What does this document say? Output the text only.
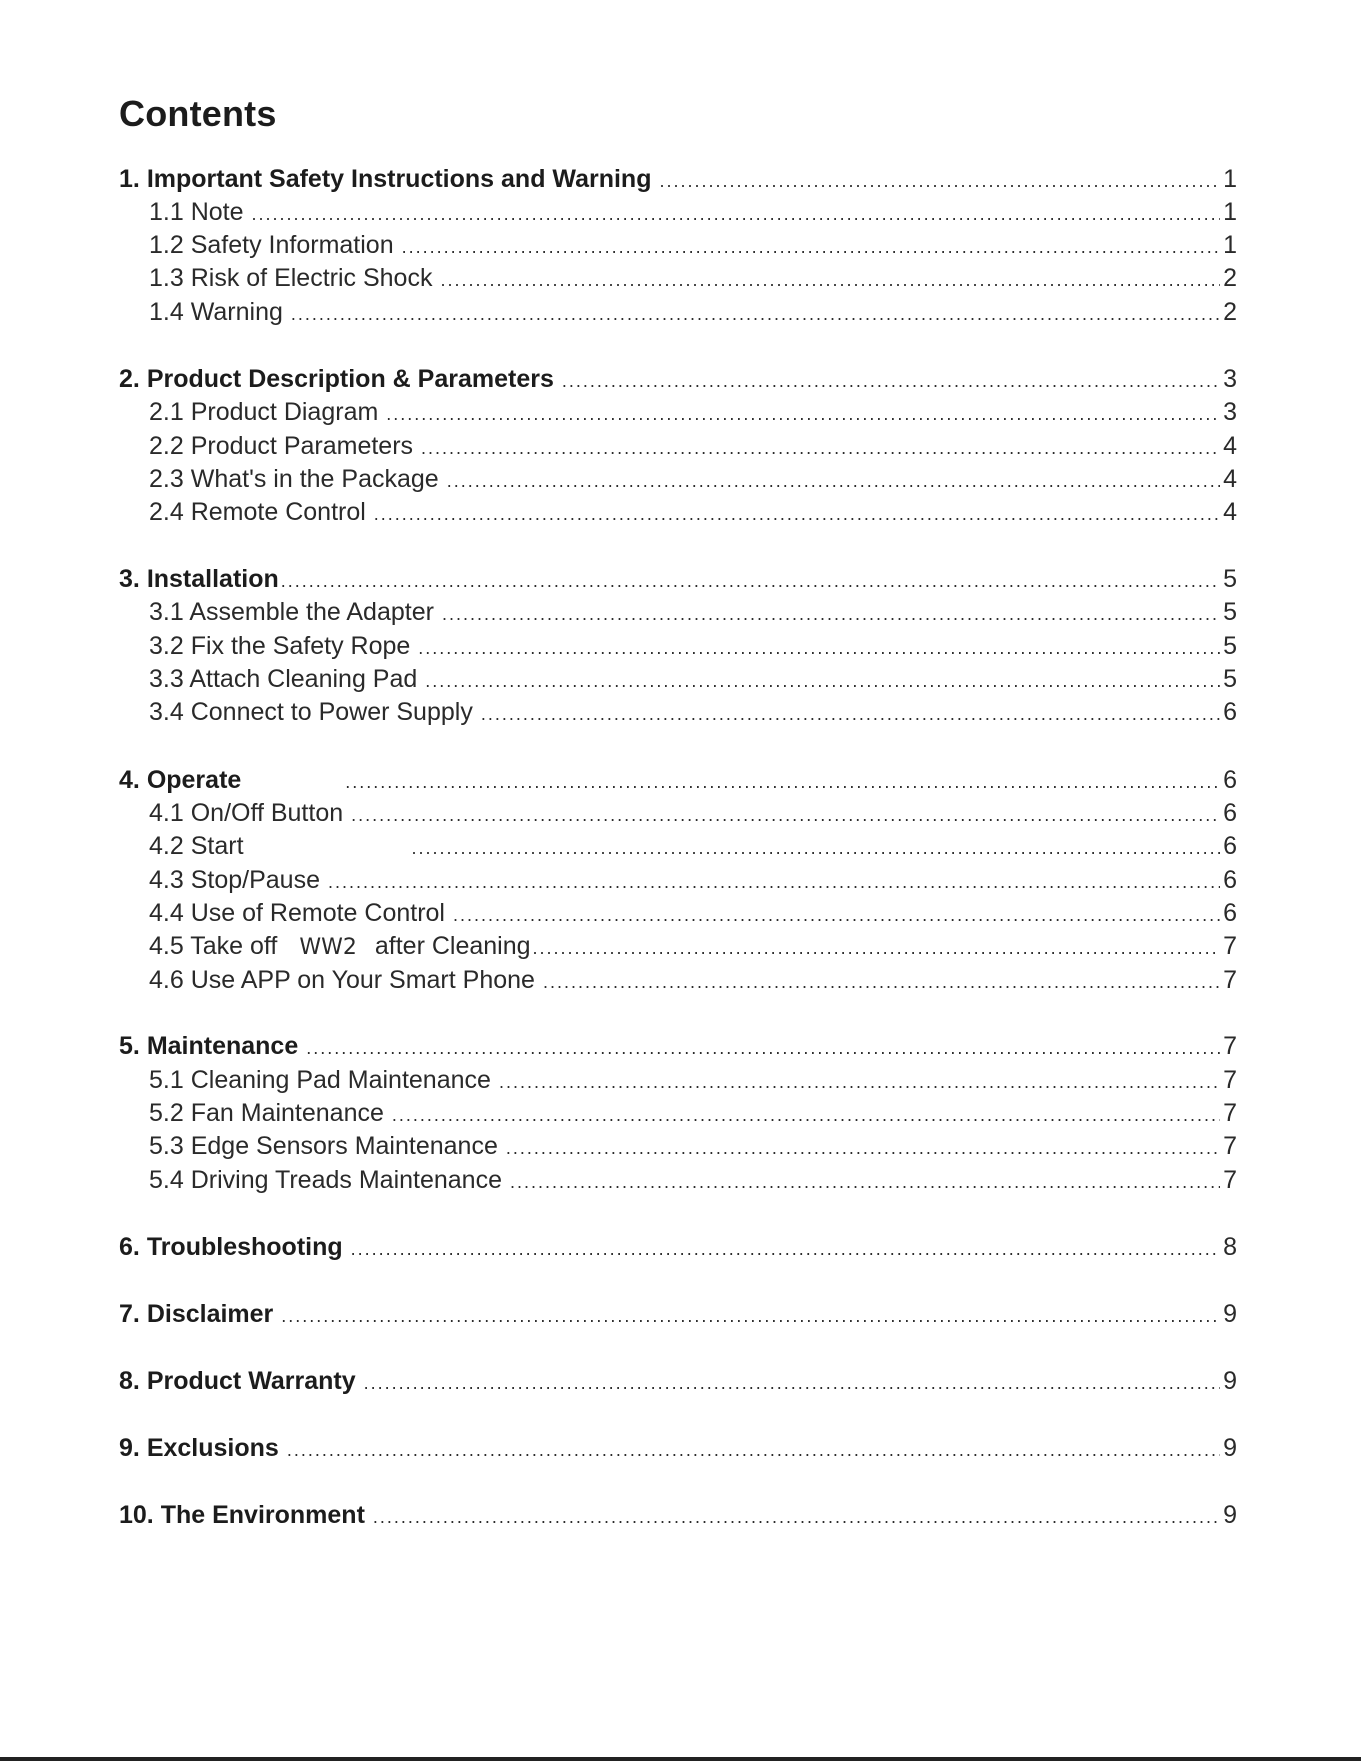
Contents
1. Important Safety Instructions and Warning .....	1
1.1 Note .....	1
1.2 Safety Information .....	1
1.3 Risk of Electric Shock .....	2
1.4 Warning .....	2
2. Product Description & Parameters .....	3
2.1 Product Diagram .....	3
2.2 Product Parameters .....	4
2.3 What's in the Package .....	4
2.4 Remote Control .....	4
3. Installation .....	5
3.1 Assemble the Adapter .....	5
3.2 Fix the Safety Rope .....	5
3.3 Attach Cleaning Pad .....	5
3.4 Connect to Power Supply .....	6
4. Operate .....	6
4.1 On/Off Button .....	6
4.2 Start .....	6
4.3 Stop/Pause .....	6
4.4 Use of Remote Control .....	6
4.5 Take off WW2 after Cleaning .....	7
4.6 Use APP on Your Smart Phone .....	7
5. Maintenance .....	7
5.1 Cleaning Pad Maintenance .....	7
5.2 Fan Maintenance .....	7
5.3 Edge Sensors Maintenance .....	7
5.4 Driving Treads Maintenance .....	7
6. Troubleshooting .....	8
7. Disclaimer .....	9
8. Product Warranty .....	9
9. Exclusions .....	9
10. The Environment .....	9
